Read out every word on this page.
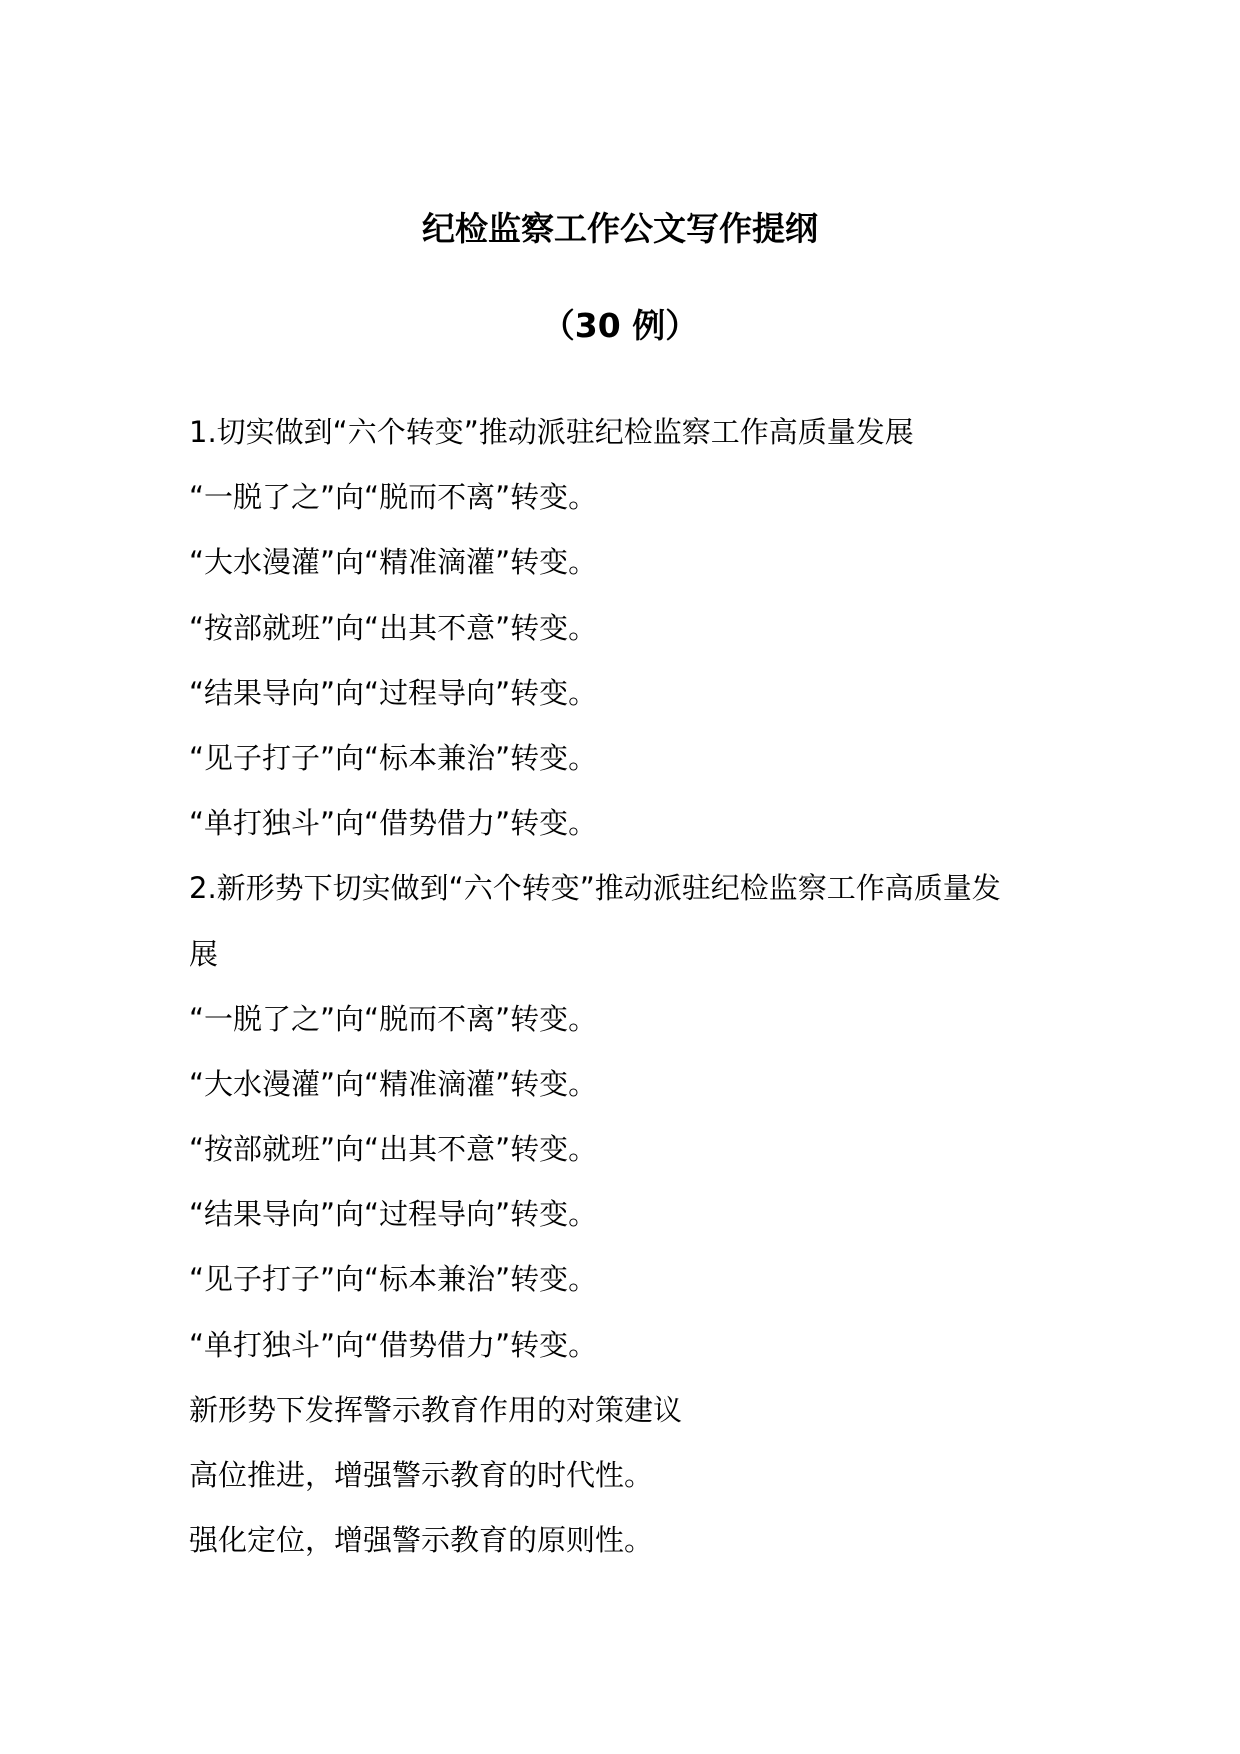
纪检监察工作公文写作提纲
（30 例）

1.切实做到“六个转变”推动派驻纪检监察工作高质量发展

“一脱了之”向“脱而不离”转变。

“大水漫灌”向“精准滴灌”转变。

“按部就班”向“出其不意”转变。

“结果导向”向“过程导向”转变。

“见子打子”向“标本兼治”转变。

“单打独斗”向“借势借力”转变。

2.新形势下切实做到“六个转变”推动派驻纪检监察工作高质量发

展

“一脱了之”向“脱而不离”转变。

“大水漫灌”向“精准滴灌”转变。

“按部就班”向“出其不意”转变。

“结果导向”向“过程导向”转变。

“见子打子”向“标本兼治”转变。

“单打独斗”向“借势借力”转变。

新形势下发挥警示教育作用的对策建议

高位推进，增强警示教育的时代性。

强化定位，增强警示教育的原则性。
